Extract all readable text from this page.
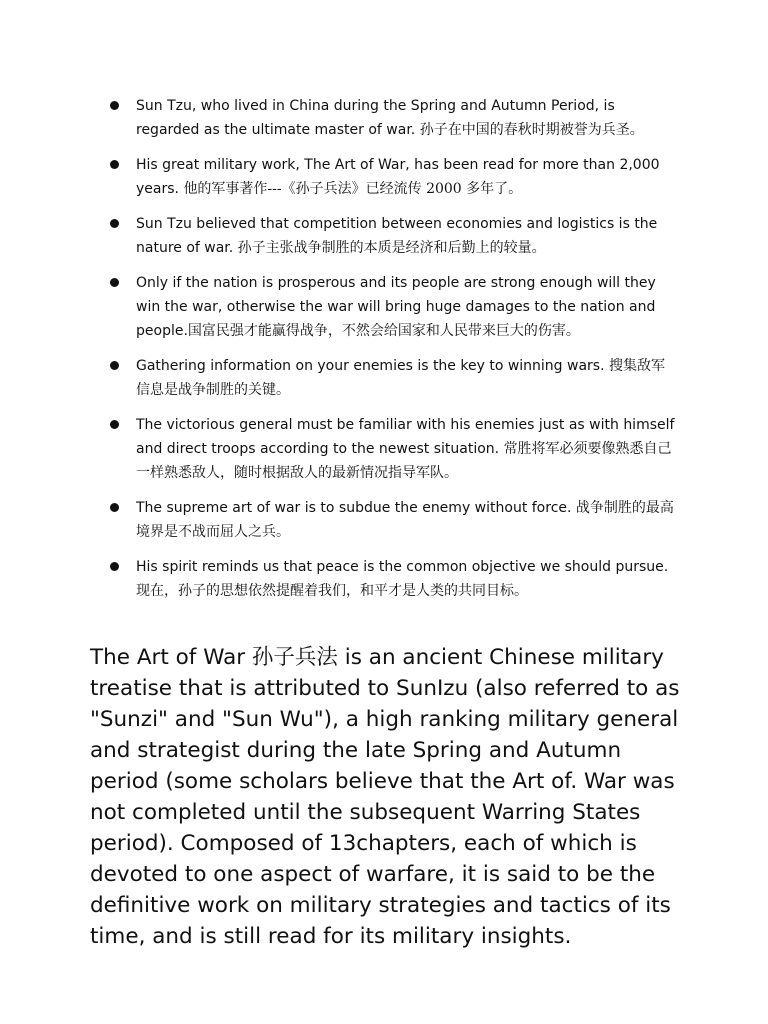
Sun Tzu, who lived in China during the Spring and Autumn Period, is regarded as the ultimate master of war. 孙子在中国的春秋时期被誉为兵圣。
His great military work, The Art of War, has been read for more than 2,000 years. 他的军事著作---《孙子兵法》已经流传 2000 多年了。
Sun Tzu believed that competition between economies and logistics is the nature of war. 孙子主张战争制胜的本质是经济和后勤上的较量。
Only if the nation is prosperous and its people are strong enough will they win the war, otherwise the war will bring huge damages to the nation and people.国富民强才能赢得战争，不然会给国家和人民带来巨大的伤害。
Gathering information on your enemies is the key to winning wars. 搜集敌军信息是战争制胜的关键。
The victorious general must be familiar with his enemies just as with himself and direct troops according to the newest situation. 常胜将军必须要像熟悉自己一样熟悉敌人，随时根据敌人的最新情况指导军队。
The supreme art of war is to subdue the enemy without force. 战争制胜的最高境界是不战而屈人之兵。
His spirit reminds us that peace is the common objective we should pursue. 现在，孙子的思想依然提醒着我们，和平才是人类的共同目标。

The Art of War 孙子兵法 is an ancient Chinese military treatise that is attributed to SunIzu (also referred to as "Sunzi" and "Sun Wu"), a high ranking military general and strategist during the late Spring and Autumn period (some scholars believe that the Art of. War was not completed until the subsequent Warring States period). Composed of 13chapters, each of which is devoted to one aspect of warfare, it is said to be the definitive work on military strategies and tactics of its time, and is still read for its military insights.
